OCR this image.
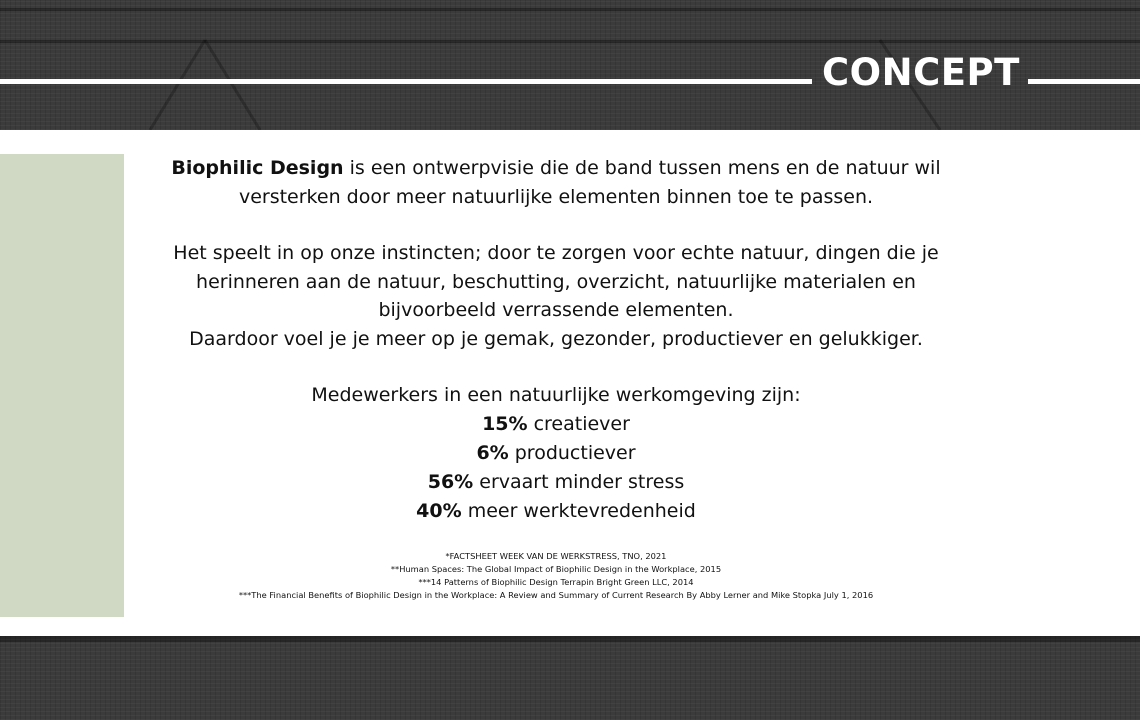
CONCEPT

Biophilic Design is een ontwerpvisie die de band tussen mens en de natuur wil
versterken door meer natuurlijke elementen binnen toe te passen.

Het speelt in op onze instincten; door te zorgen voor echte natuur, dingen die je
herinneren aan de natuur, beschutting, overzicht, natuurlijke materialen en
bijvoorbeeld verrassende elementen.
Daardoor voel je je meer op je gemak, gezonder, productiever en gelukkiger.

Medewerkers in een natuurlijke werkomgeving zijn:
15% creatiever
6% productiever
56% ervaart minder stress
40% meer werktevredenheid

*FACTSHEET WEEK VAN DE WERKSTRESS, TNO, 2021
**Human Spaces: The Global Impact of Biophilic Design in the Workplace, 2015
***14 Patterns of Biophilic Design Terrapin Bright Green LLC, 2014
***The Financial Benefits of Biophilic Design in the Workplace: A Review and Summary of Current Research By Abby Lerner and Mike Stopka July 1, 2016
